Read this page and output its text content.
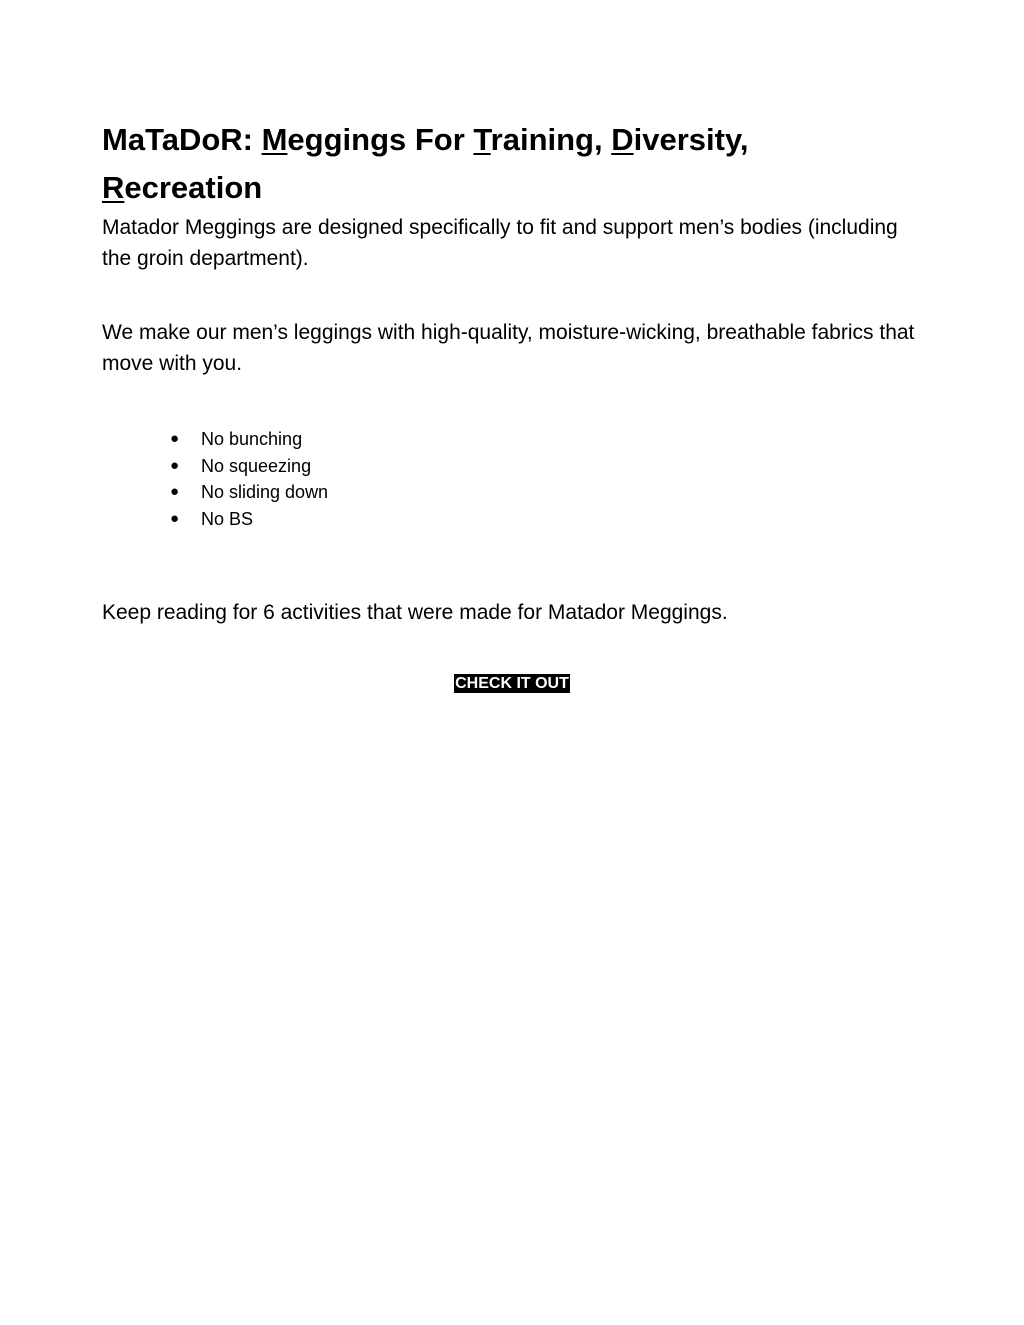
MaTaDoR: Meggings For Training, Diversity,
Recreation

Matador Meggings are designed specifically to fit and support men’s bodies (including the groin department).

We make our men’s leggings with high-quality, moisture-wicking, breathable fabrics that move with you.

● No bunching
● No squeezing
● No sliding down
● No BS

Keep reading for 6 activities that were made for Matador Meggings.

CHECK IT OUT
